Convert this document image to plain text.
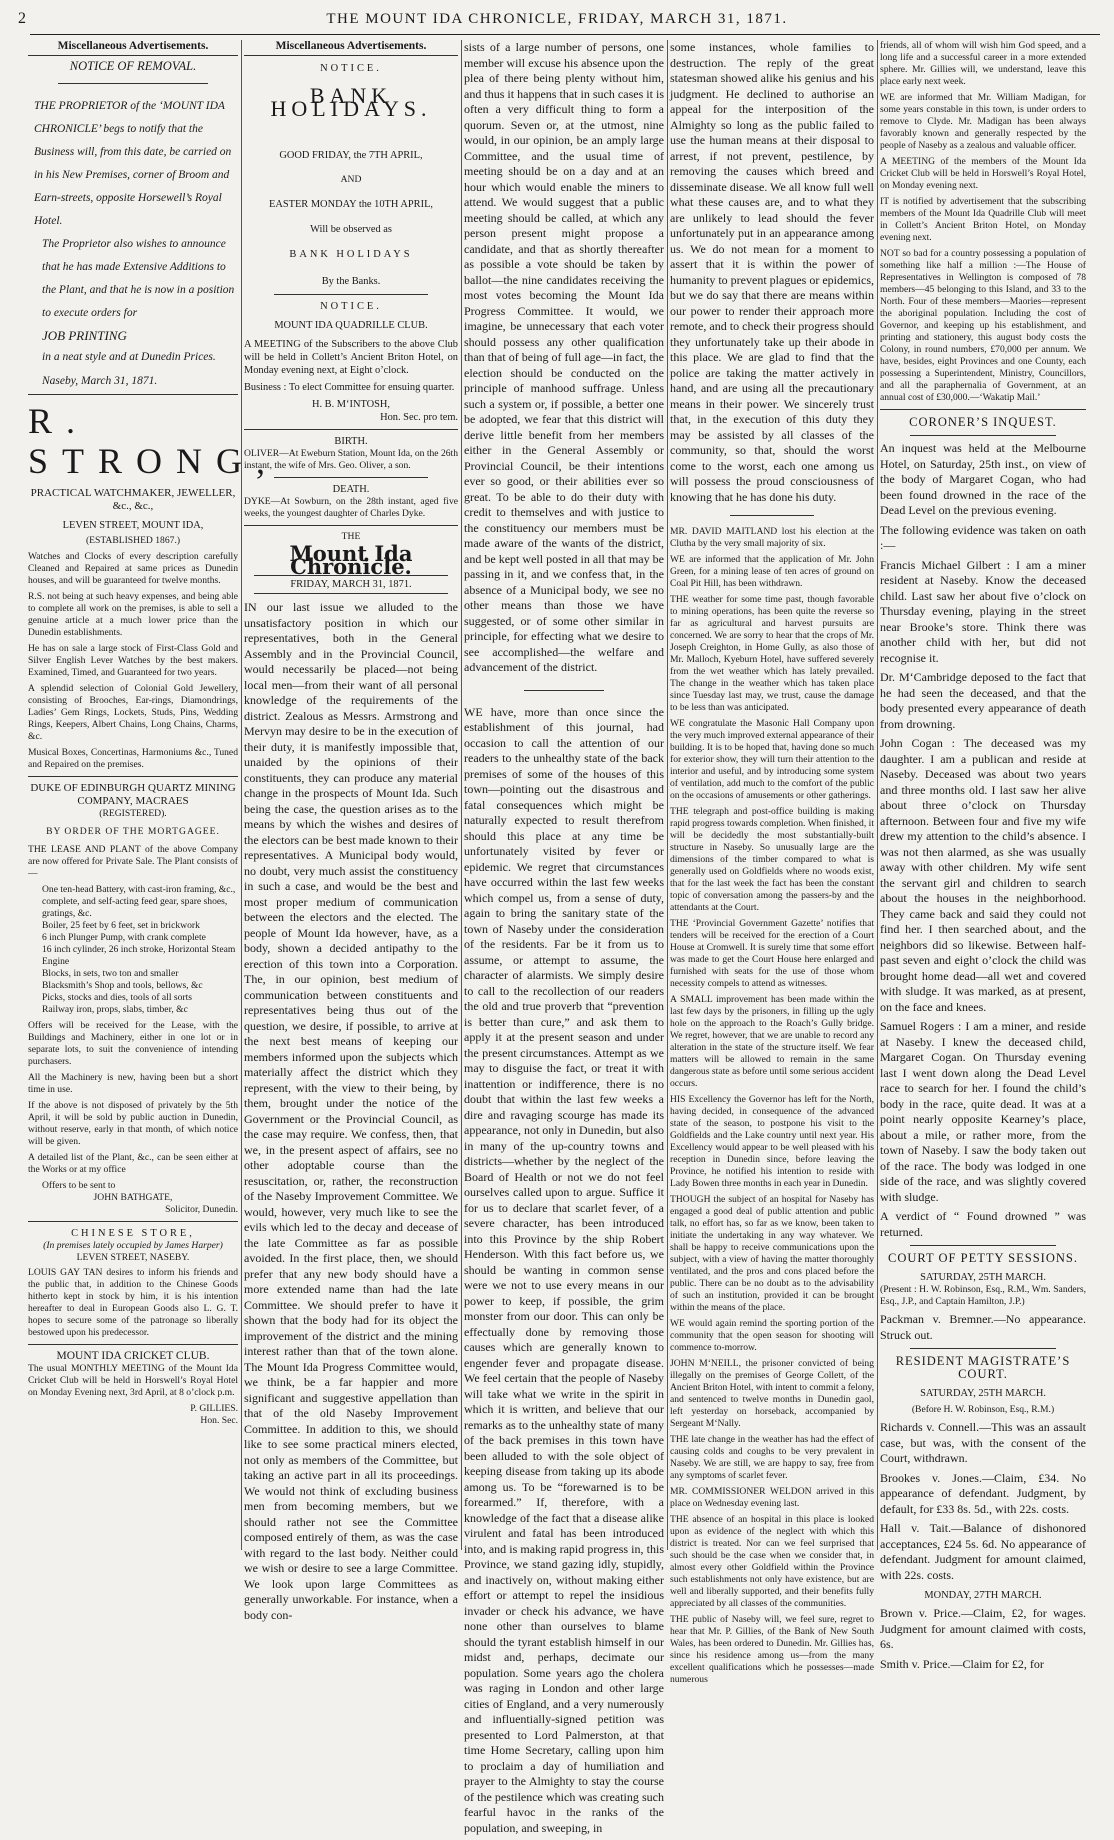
2	THE MOUNT IDA CHRONICLE, FRIDAY, MARCH 31, 1871.
Miscellaneous Advertisements.
NOTICE OF REMOVAL.
THE PROPRIETOR of the ‘MOUNT IDA CHRONICLE’ begs to notify that the Business will, from this date, be carried on in his New Premises, corner of Broom and Earn-streets, opposite Horsewell’s Royal Hotel.
The Proprietor also wishes to announce that he has made Extensive Additions to the Plant, and that he is now in a position to execute orders for
JOB PRINTING
in a neat style and at Dunedin Prices.
Naseby, March 31, 1871.
R. STRONG,
PRACTICAL WATCHMAKER, JEWELLER, &c., &c.,
LEVEN STREET, MOUNT IDA,
(ESTABLISHED 1867.)

Watches and Clocks of every description carefully Cleaned and Repaired at same prices as Dunedin houses, and will be guaranteed for twelve months.

R.S. not being at such heavy expenses, and being able to complete all work on the premises, is able to sell a genuine article at a much lower price than the Dunedin establishments.

He has on sale a large stock of First-Class Gold and Silver English Lever Watches by the best makers. Examined, Timed, and Guaranteed for two years.

A splendid selection of Colonial Gold Jewellery, consisting of Brooches, Ear-rings, Diamondrings, Ladies’ Gem Rings, Lockets, Studs, Pins, Wedding Rings, Keepers, Albert Chains, Long Chains, Charms, &c.

Musical Boxes, Concertinas, Harmoniums &c., Tuned and Repaired on the premises.

DUKE OF EDINBURGH QUARTZ MINING COMPANY, MACRAES
(REGISTERED).
BY ORDER OF THE MORTGAGEE.

THE LEASE AND PLANT of the above Company are now offered for Private Sale. The Plant consists of—

One ten-head Battery, with cast-iron framing, &c., complete, and self-acting feed gear, spare shoes, gratings, &c.
Boiler, 25 feet by 6 feet, set in brickwork
6 inch Plunger Pump, with crank complete
16 inch cylinder, 26 inch stroke, Horizontal Steam Engine
Blocks, in sets, two ton and smaller
Blacksmith’s Shop and tools, bellows, &c
Picks, stocks and dies, tools of all sorts
Railway iron, props, slabs, timber, &c

Offers will be received for the Lease, with the Buildings and Machinery, either in one lot or in separate lots, to suit the convenience of intending purchasers.

All the Machinery is new, having been but a short time in use.

If the above is not disposed of privately by the 5th April, it will be sold by public auction in Dunedin, without reserve, early in that month, of which notice will be given.

A detailed list of the Plant, &c., can be seen either at the Works or at my office

Offers to be sent to
JOHN BATHGATE,
Solicitor, Dunedin.
CHINESE STORE,
(In premises lately occupied by James Harper)
LEVEN STREET, NASEBY.

LOUIS GAY TAN desires to inform his friends and the public that, in addition to the Chinese Goods hitherto kept in stock by him, it is his intention hereafter to deal in European Goods also L. G. T. hopes to secure some of the patronage so liberally bestowed upon his predecessor.

MOUNT IDA CRICKET CLUB.

The usual MONTHLY MEETING of the Mount Ida Cricket Club will be held in Horswell’s Royal Hotel on Monday Evening next, 3rd April, at 8 o’clock p.m.

P. GILLIES.
Hon. Sec.
Miscellaneous Advertisements.
NOTICE.
BANK HOLIDAYS.
GOOD FRIDAY, the 7TH APRIL,
AND
EASTER MONDAY the 10TH APRIL,
Will be observed as
BANK HOLIDAYS
By the Banks.
NOTICE.
MOUNT IDA QUADRILLE CLUB.

A MEETING of the Subscribers to the above Club will be held in Collett’s Ancient Briton Hotel, on Monday evening next, at Eight o’clock.

Business : To elect Committee for ensuing quarter.

H. B. M‘INTOSH,
Hon. Sec. pro tem.
BIRTH.

OLIVER—At Eweburn Station, Mount Ida, on the 26th instant, the wife of Mrs. Geo. Oliver, a son.

DEATH.

DYKE—At Sowburn, on the 28th instant, aged five weeks, the youngest daughter of Charles Dyke.

THE
Mount Ida Chronicle.
FRIDAY, MARCH 31, 1871.

IN our last issue we alluded to the unsatisfactory position in which our representatives, both in the General Assembly and in the Provincial Council, would necessarily be placed—not being local men—from their want of all personal knowledge of the requirements of the district. Zealous as Messrs. Armstrong and Mervyn may desire to be in the execution of their duty, it is manifestly impossible that, unaided by the opinions of their constituents, they can produce any material change in the prospects of Mount Ida. Such being the case, the question arises as to the means by which the wishes and desires of the electors can be best made known to their representatives. A Municipal body would, no doubt, very much assist the constituency in such a case, and would be the best and most proper medium of communication between the electors and the elected. The people of Mount Ida however, have, as a body, shown a decided antipathy to the erection of this town into a Corporation. The, in our opinion, best medium of communication between constituents and representatives being thus out of the question, we desire, if possible, to arrive at the next best means of keeping our members informed upon the subjects which materially affect the district which they represent, with the view to their being, by them, brought under the notice of the Government or the Provincial Council, as the case may require. We confess, then, that we, in the present aspect of affairs, see no other adoptable course than the resuscitation, or, rather, the reconstruction of the Naseby Improvement Committee. We would, however, very much like to see the evils which led to the decay and decease of the late Committee as far as possible avoided. In the first place, then, we should prefer that any new body should have a more extended name than had the late Committee. We should prefer to have it shown that the body had for its object the improvement of the district and the mining interest rather than that of the town alone. The Mount Ida Progress Committee would, we think, be a far happier and more significant and suggestive appellation than that of the old Naseby Improvement Committee. In addition to this, we should like to see some practical miners elected, not only as members of the Committee, but taking an active part in all its proceedings. We would not think of excluding business men from becoming members, but we should rather not see the Committee composed entirely of them, as was the case with regard to the last body. Neither could we wish or desire to see a large Committee. We look upon large Committees as generally unworkable. For instance, when a body con-

sists of a large number of persons, one member will excuse his absence upon the plea of there being plenty without him, and thus it happens that in such cases it is often a very difficult thing to form a quorum. Seven or, at the utmost, nine would, in our opinion, be an amply large Committee, and the usual time of meeting should be on a day and at an hour which would enable the miners to attend. We would suggest that a public meeting should be called, at which any person present might propose a candidate, and that as shortly thereafter as possible a vote should be taken by ballot—the nine candidates receiving the most votes becoming the Mount Ida Progress Committee. It would, we imagine, be unnecessary that each voter should possess any other qualification than that of being of full age—in fact, the election should be conducted on the principle of manhood suffrage. Unless such a system or, if possible, a better one be adopted, we fear that this district will derive little benefit from her members either in the General Assembly or Provincial Council, be their intentions ever so good, or their abilities ever so great. To be able to do their duty with credit to themselves and with justice to the constituency our members must be made aware of the wants of the district, and be kept well posted in all that may be passing in it, and we confess that, in the absence of a Municipal body, we see no other means than those we have suggested, or of some other similar in principle, for effecting what we desire to see accomplished—the welfare and advancement of the district.

WE have, more than once since the establishment of this journal, had occasion to call the attention of our readers to the unhealthy state of the back premises of some of the houses of this town—pointing out the disastrous and fatal consequences which might be naturally expected to result therefrom should this place at any time be unfortunately visited by fever or epidemic. We regret that circumstances have occurred within the last few weeks which compel us, from a sense of duty, again to bring the sanitary state of the town of Naseby under the consideration of the residents. Far be it from us to assume, or attempt to assume, the character of alarmists. We simply desire to call to the recollection of our readers the old and true proverb that “prevention is better than cure,” and ask them to apply it at the present season and under the present circumstances. Attempt as we may to disguise the fact, or treat it with inattention or indifference, there is no doubt that within the last few weeks a dire and ravaging scourge has made its appearance, not only in Dunedin, but also in many of the up-country towns and districts—whether by the neglect of the Board of Health or not we do not feel ourselves called upon to argue. Suffice it for us to declare that scarlet fever, of a severe character, has been introduced into this Province by the ship Robert Henderson. With this fact before us, we should be wanting in common sense were we not to use every means in our power to keep, if possible, the grim monster from our door. This can only be effectually done by removing those causes which are generally known to engender fever and propagate disease. We feel certain that the people of Naseby will take what we write in the spirit in which it is written, and believe that our remarks as to the unhealthy state of many of the back premises in this town have been alluded to with the sole object of keeping disease from taking up its abode among us. To be “forewarned is to be forearmed.” If, therefore, with a knowledge of the fact that a disease alike virulent and fatal has been introduced into, and is making rapid progress in, this Province, we stand gazing idly, stupidly, and inactively on, without making either effort or attempt to repel the insidious invader or check his advance, we have none other than ourselves to blame should the tyrant establish himself in our midst and, perhaps, decimate our population. Some years ago the cholera was raging in London and other large cities of England, and a very numerously and influentially-signed petition was presented to Lord Palmerston, at that time Home Secretary, calling upon him to proclaim a day of humiliation and prayer to the Almighty to stay the course of the pestilence which was creating such fearful havoc in the ranks of the population, and sweeping, in

some instances, whole families to destruction. The reply of the great statesman showed alike his genius and his judgment. He declined to authorise an appeal for the interposition of the Almighty so long as the public failed to use the human means at their disposal to arrest, if not prevent, pestilence, by removing the causes which breed and disseminate disease. We all know full well what these causes are, and to what they are unlikely to lead should the fever unfortunately put in an appearance among us. We do not mean for a moment to assert that it is within the power of humanity to prevent plagues or epidemics, but we do say that there are means within our power to render their approach more remote, and to check their progress should they unfortunately take up their abode in this place. We are glad to find that the police are taking the matter actively in hand, and are using all the precautionary means in their power. We sincerely trust that, in the execution of this duty they may be assisted by all classes of the community, so that, should the worst come to the worst, each one among us will possess the proud consciousness of knowing that he has done his duty.

MR. DAVID MAITLAND lost his election at the Clutha by the very small majority of six.

WE are informed that the application of Mr. John Green, for a mining lease of ten acres of ground on Coal Pit Hill, has been withdrawn.

THE weather for some time past, though favorable to mining operations, has been quite the reverse so far as agricultural and harvest pursuits are concerned. We are sorry to hear that the crops of Mr. Joseph Creighton, in Home Gully, as also those of Mr. Malloch, Kyeburn Hotel, have suffered severely from the wet weather which has lately prevailed. The change in the weather which has taken place since Tuesday last may, we trust, cause the damage to be less than was anticipated.

WE congratulate the Masonic Hall Company upon the very much improved external appearance of their building. It is to be hoped that, having done so much for exterior show, they will turn their attention to the interior and useful, and by introducing some system of ventilation, add much to the comfort of the public on the occasions of amusements or other gatherings.

THE telegraph and post-office building is making rapid progress towards completion. When finished, it will be decidedly the most substantially-built structure in Naseby. So unusually large are the dimensions of the timber compared to what is generally used on Goldfields where no woods exist, that for the last week the fact has been the constant topic of conversation among the passers-by and the attendants at the Court.

THE ‘Provincial Government Gazette’ notifies that tenders will be received for the erection of a Court House at Cromwell. It is surely time that some effort was made to get the Court House here enlarged and furnished with seats for the use of those whom necessity compels to attend as witnesses.

A SMALL improvement has been made within the last few days by the prisoners, in filling up the ugly hole on the approach to the Roach’s Gully bridge. We regret, however, that we are unable to record any alteration in the state of the structure itself. We fear matters will be allowed to remain in the same dangerous state as before until some serious accident occurs.

HIS Excellency the Governor has left for the North, having decided, in consequence of the advanced state of the season, to postpone his visit to the Goldfields and the Lake country until next year. His Excellency would appear to be well pleased with his reception in Dunedin since, before leaving the Province, he notified his intention to reside with Lady Bowen three months in each year in Dunedin.

THOUGH the subject of an hospital for Naseby has engaged a good deal of public attention and public talk, no effort has, so far as we know, been taken to initiate the undertaking in any way whatever. We shall be happy to receive communications upon the subject, with a view of having the matter thoroughly ventilated, and the pros and cons placed before the public. There can be no doubt as to the advisability of such an institution, provided it can be brought within the means of the place.

WE would again remind the sporting portion of the community that the open season for shooting will commence to-morrow.

JOHN M‘NEILL, the prisoner convicted of being illegally on the premises of George Collett, of the Ancient Briton Hotel, with intent to commit a felony, and sentenced to twelve months in Dunedin gaol, left yesterday on horseback, accompanied by Sergeant M‘Nally.

THE late change in the weather has had the effect of causing colds and coughs to be very prevalent in Naseby. We are still, we are happy to say, free from any symptoms of scarlet fever.

MR. COMMISSIONER WELDON arrived in this place on Wednesday evening last.

THE absence of an hospital in this place is looked upon as evidence of the neglect with which this district is treated. Nor can we feel surprised that such should be the case when we consider that, in almost every other Goldfield within the Province such establishments not only have existence, but are well and liberally supported, and their benefits fully appreciated by all classes of the communities.

THE public of Naseby will, we feel sure, regret to hear that Mr. P. Gillies, of the Bank of New South Wales, has been ordered to Dunedin. Mr. Gillies has, since his residence among us—from the many excellent qualifications which he possesses—made numerous

friends, all of whom will wish him God speed, and a long life and a successful career in a more extended sphere. Mr. Gillies will, we understand, leave this place early next week.

WE are informed that Mr. William Madigan, for some years constable in this town, is under orders to remove to Clyde. Mr. Madigan has been always favorably known and generally respected by the people of Naseby as a zealous and valuable officer.

A MEETING of the members of the Mount Ida Cricket Club will be held in Horswell’s Royal Hotel, on Monday evening next.

IT is notified by advertisement that the subscribing members of the Mount Ida Quadrille Club will meet in Collett’s Ancient Briton Hotel, on Monday evening next.

NOT so bad for a country possessing a population of something like half a million :—The House of Representatives in Wellington is composed of 78 members—45 belonging to this Island, and 33 to the North. Four of these members—Maories—represent the aboriginal population. Including the cost of Governor, and keeping up his establishment, and printing and stationery, this august body costs the Colony, in round numbers, £70,000 per annum. We have, besides, eight Provinces and one County, each possessing a Superintendent, Ministry, Councillors, and all the paraphernalia of Government, at an annual cost of £30,000.—‘Wakatip Mail.’

CORONER’S INQUEST.

An inquest was held at the Melbourne Hotel, on Saturday, 25th inst., on view of the body of Margaret Cogan, who had been found drowned in the race of the Dead Level on the previous evening.

The following evidence was taken on oath :—

Francis Michael Gilbert : I am a miner resident at Naseby. Know the deceased child. Last saw her about five o’clock on Thursday evening, playing in the street near Brooke’s store. Think there was another child with her, but did not recognise it.

Dr. M‘Cambridge deposed to the fact that he had seen the deceased, and that the body presented every appearance of death from drowning.

John Cogan : The deceased was my daughter. I am a publican and reside at Naseby. Deceased was about two years and three months old. I last saw her alive about three o’clock on Thursday afternoon. Between four and five my wife drew my attention to the child’s absence. I was not then alarmed, as she was usually away with other children. My wife sent the servant girl and children to search about the houses in the neighborhood. They came back and said they could not find her. I then searched about, and the neighbors did so likewise. Between half-past seven and eight o’clock the child was brought home dead—all wet and covered with sludge. It was marked, as at present, on the face and knees.

Samuel Rogers : I am a miner, and reside at Naseby. I knew the deceased child, Margaret Cogan. On Thursday evening last I went down along the Dead Level race to search for her. I found the child’s body in the race, quite dead. It was at a point nearly opposite Kearney’s place, about a mile, or rather more, from the town of Naseby. I saw the body taken out of the race. The body was lodged in one side of the race, and was slightly covered with sludge.

A verdict of “ Found drowned ” was returned.

COURT OF PETTY SESSIONS.
SATURDAY, 25TH MARCH.

(Present : H. W. Robinson, Esq., R.M., Wm. Sanders, Esq., J.P., and Captain Hamilton, J.P.)

Packman v. Bremner.—No appearance. Struck out.

RESIDENT MAGISTRATE’S COURT.
SATURDAY, 25TH MARCH.
(Before H. W. Robinson, Esq., R.M.)

Richards v. Connell.—This was an assault case, but was, with the consent of the Court, withdrawn.

Brookes v. Jones.—Claim, £34. No appearance of defendant. Judgment, by default, for £33 8s. 5d., with 22s. costs.

Hall v. Tait.—Balance of dishonored acceptances, £24 5s. 6d. No appearance of defendant. Judgment for amount claimed, with 22s. costs.

MONDAY, 27TH MARCH.

Brown v. Price.—Claim, £2, for wages. Judgment for amount claimed with costs, 6s.

Smith v. Price.—Claim for £2, for
